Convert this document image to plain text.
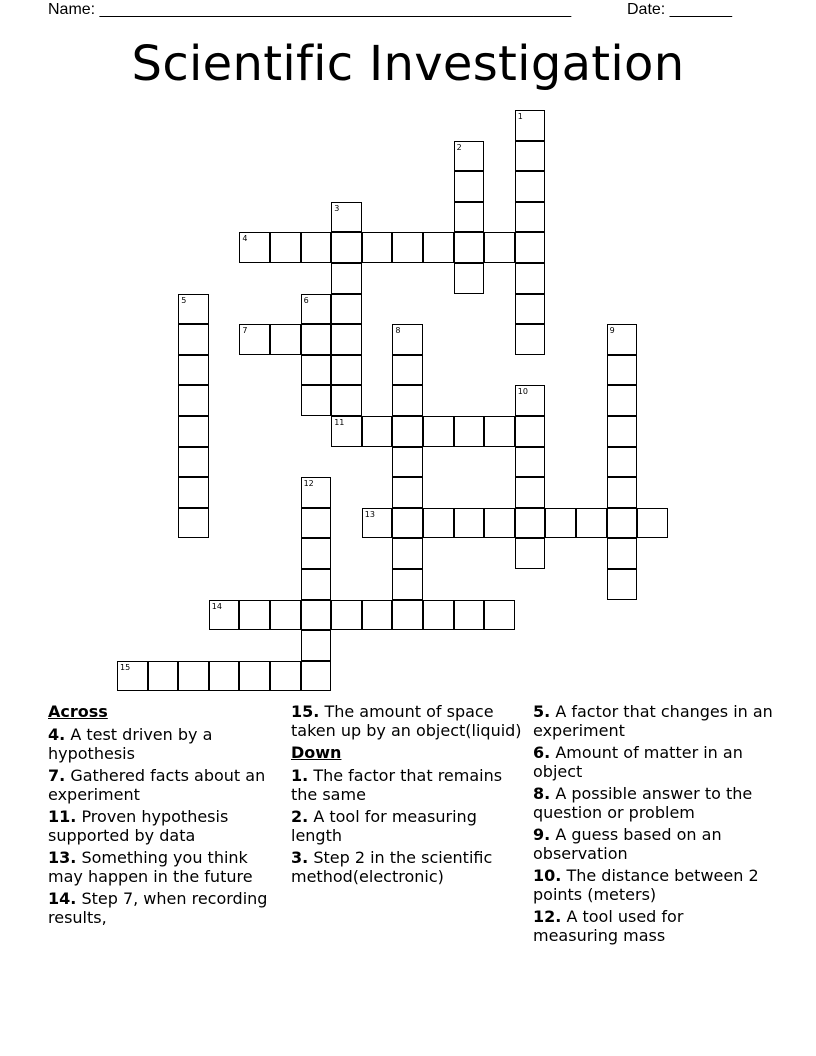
Name: _____________________________________________________	Date: _______
Scientific Investigation
1
2
3
4
5	6
7	8	9
10
11
12
13
14
15
Across
4. A test driven by a hypothesis
7. Gathered facts about an experiment
11. Proven hypothesis supported by data
13. Something you think may happen in the future
14. Step 7, when recording results,
15. The amount of space taken up by an object(liquid)
Down
1. The factor that remains the same
2. A tool for measuring length
3. Step 2 in the scientific method(electronic)
5. A factor that changes in an experiment
6. Amount of matter in an object
8. A possible answer to the question or problem
9. A guess based on an observation
10. The distance between 2 points (meters)
12. A tool used for measuring mass
